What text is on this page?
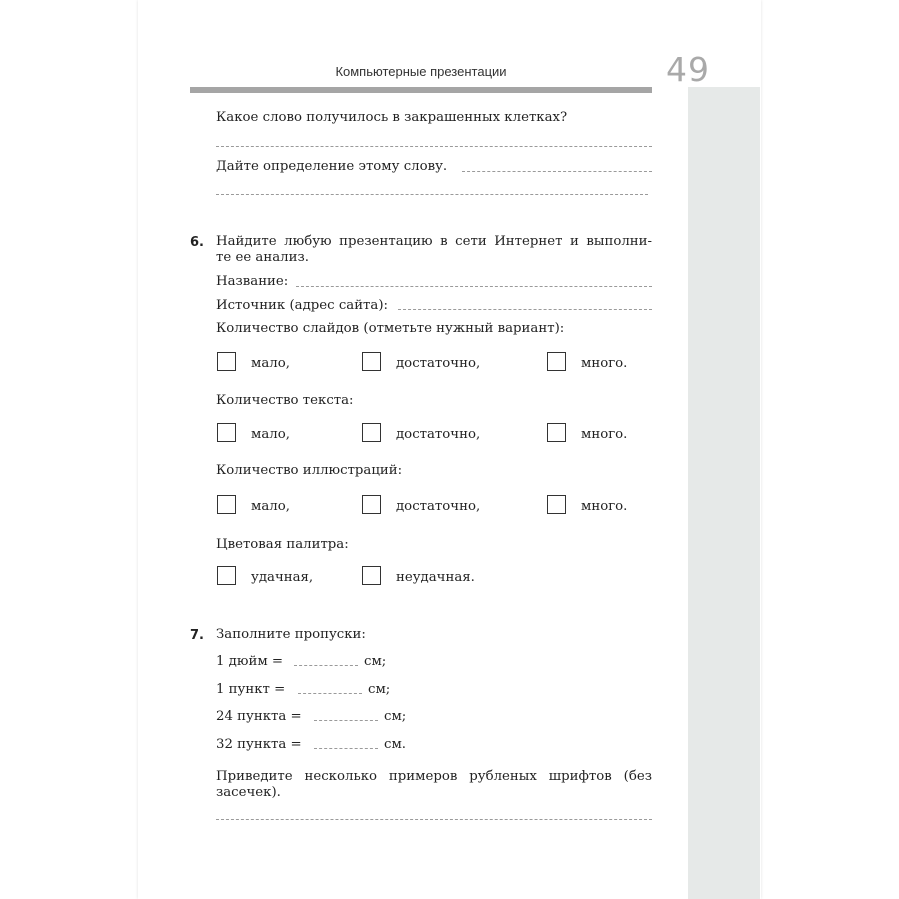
49
Компьютерные презентации
Какое слово получилось в закрашенных клетках?
Дайте определение этому слову.
6. Найдите любую презентацию в сети Интернет и выполни-
те ее анализ.
Название:
Источник (адрес сайта):
Количество слайдов (отметьте нужный вариант):
мало,	достаточно,	много.
Количество текста:
мало,	достаточно,	много.
Количество иллюстраций:
мало,	достаточно,	много.
Цветовая палитра:
удачная,	неудачная.
7. Заполните пропуски:
1 дюйм =	см;
1 пункт =	см;
24 пункта =	см;
32 пункта =	см.
Приведите несколько примеров рубленых шрифтов (без
засечек).
